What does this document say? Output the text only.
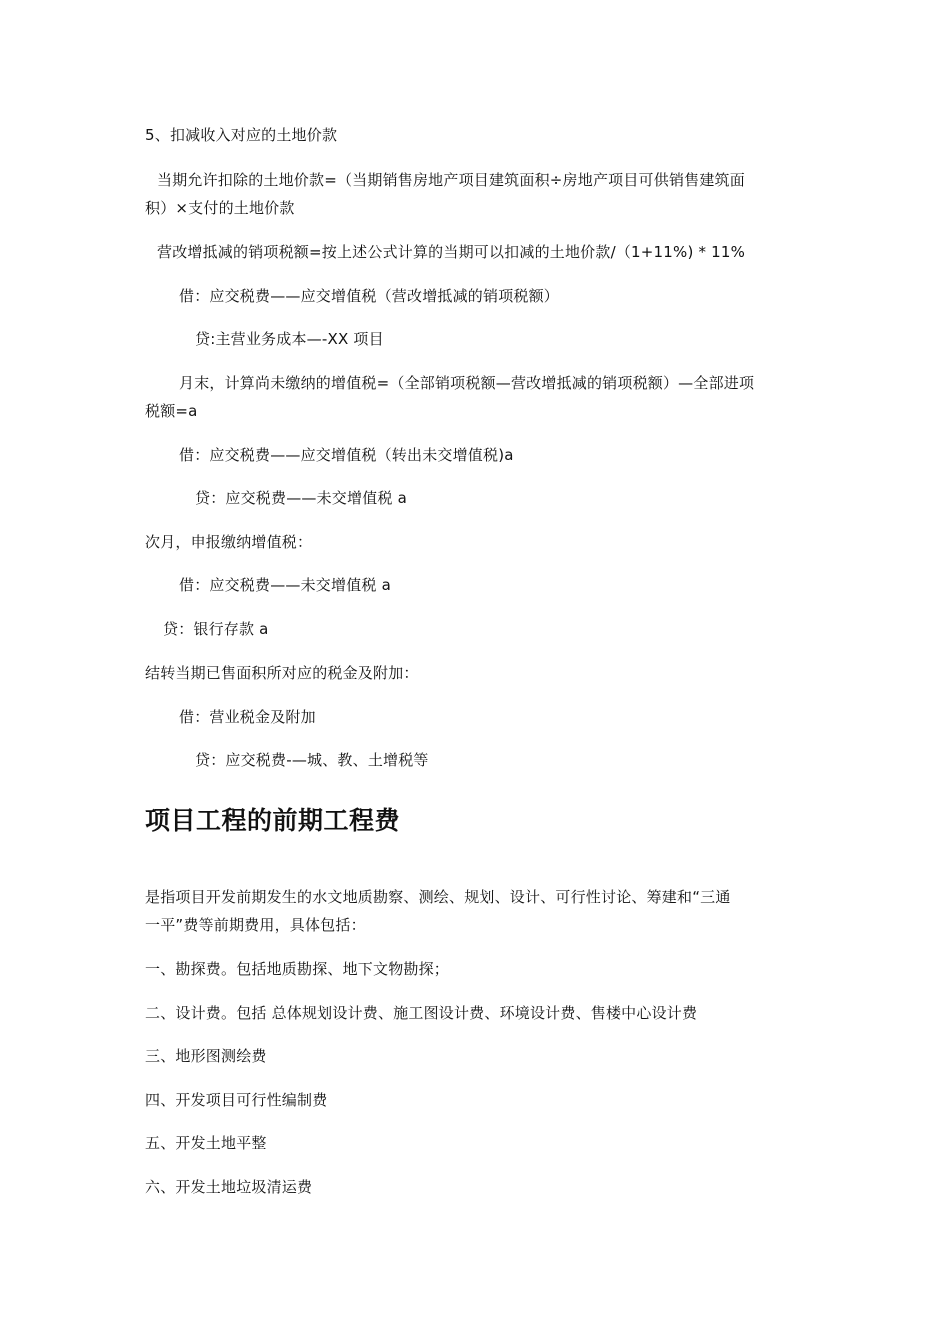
5、扣减收入对应的土地价款
当期允许扣除的土地价款=（当期销售房地产项目建筑面积÷房地产项目可供销售建筑面
积）×支付的土地价款
营改增抵减的销项税额=按上述公式计算的当期可以扣减的土地价款/（1+11%) * 11%
借：应交税费——应交增值税（营改增抵减的销项税额）
贷:主营业务成本—-XX 项目
月末，计算尚未缴纳的增值税=（全部销项税额—营改增抵减的销项税额）—全部进项
税额=a
借：应交税费——应交增值税（转出未交增值税)a
贷：应交税费——未交增值税 a
次月，申报缴纳增值税：
借：应交税费——未交增值税 a
贷：银行存款 a
结转当期已售面积所对应的税金及附加：
借：营业税金及附加
贷：应交税费-—城、教、土增税等
项目工程的前期工程费
是指项目开发前期发生的水文地质勘察、测绘、规划、设计、可行性讨论、筹建和“三通
一平”费等前期费用，具体包括：
一、勘探费。包括地质勘探、地下文物勘探；
二、设计费。包括 总体规划设计费、施工图设计费、环境设计费、售楼中心设计费
三、地形图测绘费
四、开发项目可行性编制费
五、开发土地平整
六、开发土地垃圾清运费
